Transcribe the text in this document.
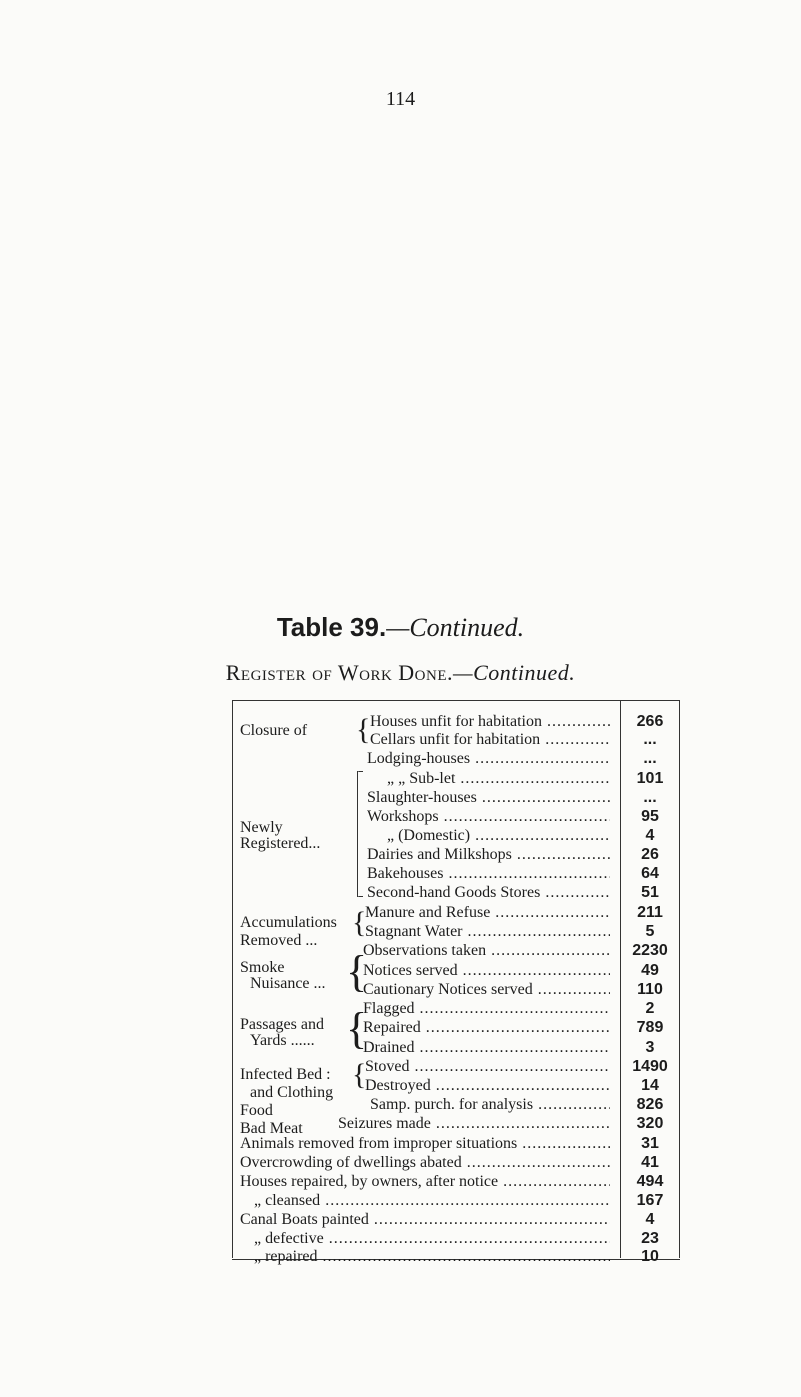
114
Table 39.—Continued.
Register of Work Done.—Continued.
Closure of
Newly
Registered...
Accumulations
Removed ...
Smoke
Nuisance ...
Passages and
Yards ......
Infected Bed :
and Clothing
Food
Bad Meat
{
{
{
{
{
Houses unfit for habitation .....
Cellars unfit for habitation .....
Lodging-houses .....
„ „ Sub-let .....
Slaughter-houses .....
Workshops .....
„ (Domestic) .....
Dairies and Milkshops .....
Bakehouses .....
Second-hand Goods Stores .....
Manure and Refuse .....
Stagnant Water .....
Observations taken .....
Notices served .....
Cautionary Notices served .....
Flagged .....
Repaired .....
Drained .....
Stoved .....
Destroyed .....
Samp. purch. for analysis .....
Seizures made .....
Animals removed from improper situations .....
Overcrowding of dwellings abated .....
Houses repaired, by owners, after notice .....
„ cleansed .....
Canal Boats painted .....
„ defective .....
266
...
...
101
...
95
4
26
64
51
211
5
2230
49
110
2
789
3
1490
14
826
320
31
41
494
167
4
23
10
„ repaired .....
